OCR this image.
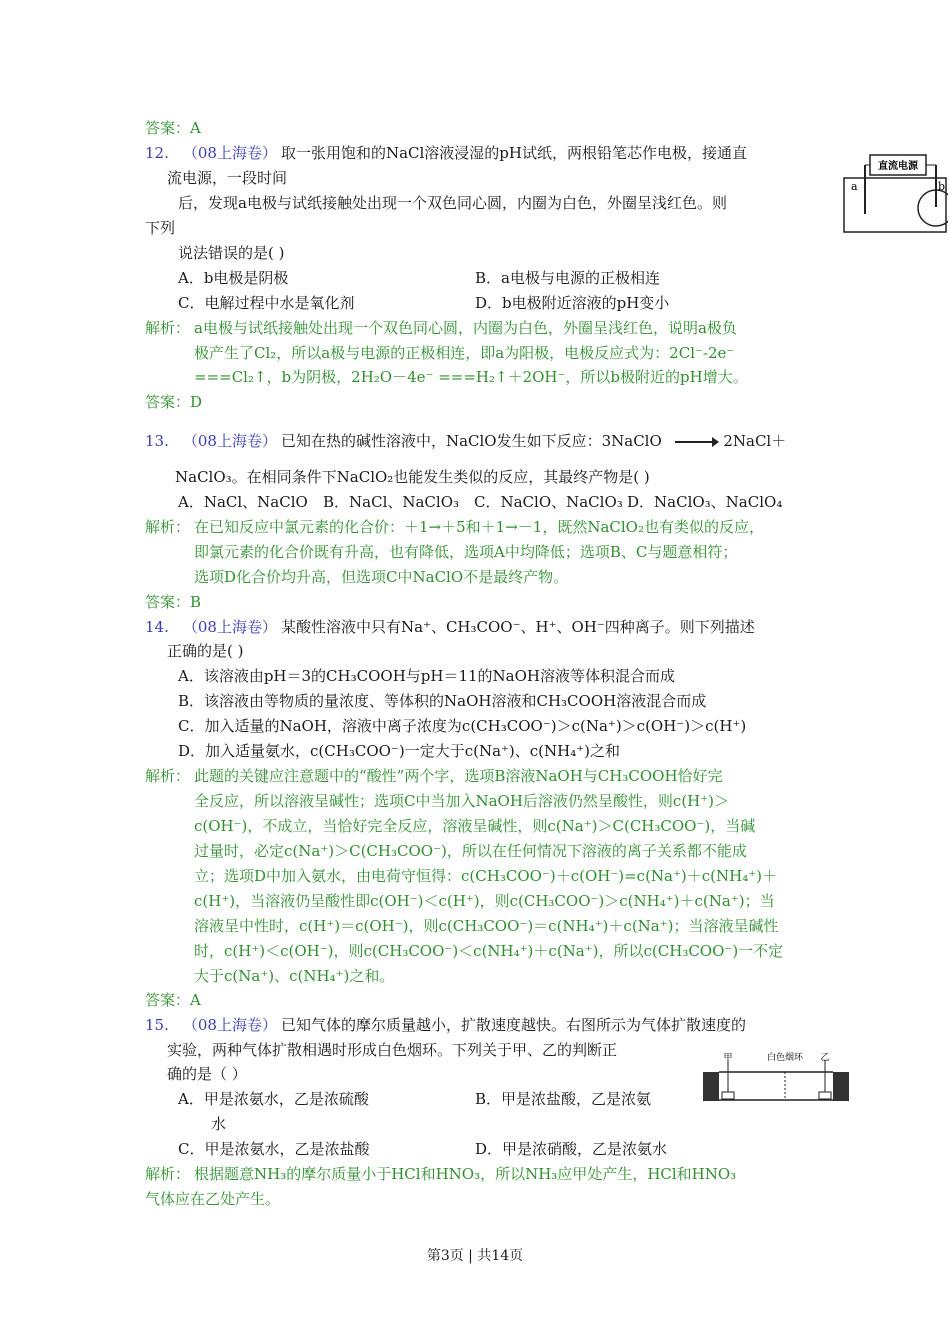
答案：A
12. （08上海卷） 取一张用饱和的NaCl溶液浸湿的pH试纸，两根铅笔芯作电极，接通直
流电源，一段时间
后，发现a电极与试纸接触处出现一个双色同心圆，内圈为白色，外圈呈浅红色。则
下列
说法错误的是( )
A．b电极是阴极	B．a电极与电源的正极相连
C．电解过程中水是氧化剂	D．b电极附近溶液的pH变小
解析： a电极与试纸接触处出现一个双色同心圆，内圈为白色，外圈呈浅红色，说明a极负
极产生了Cl₂，所以a极与电源的正极相连，即a为阳极，电极反应式为：2Cl⁻-2e⁻
===Cl₂↑，b为阴极，2H₂O－4e⁻ ===H₂↑＋2OH⁻，所以b极附近的pH增大。
答案：D
直流电源
a	b
13. （08上海卷） 已知在热的碱性溶液中，NaClO发生如下反应：3NaClO	2NaCl＋
NaClO₃。在相同条件下NaClO₂也能发生类似的反应，其最终产物是( )
A．NaCl、NaClO B．NaCl、NaClO₃ C．NaClO、NaClO₃ D．NaClO₃、NaClO₄
解析： 在已知反应中氯元素的化合价：＋1→＋5和＋1→－1，既然NaClO₂也有类似的反应，
即氯元素的化合价既有升高，也有降低，选项A中均降低；选项B、C与题意相符；
选项D化合价均升高，但选项C中NaClO不是最终产物。
答案：B
14. （08上海卷） 某酸性溶液中只有Na⁺、CH₃COO⁻、H⁺、OH⁻四种离子。则下列描述
正确的是( )
A．该溶液由pH＝3的CH₃COOH与pH＝11的NaOH溶液等体积混合而成
B．该溶液由等物质的量浓度、等体积的NaOH溶液和CH₃COOH溶液混合而成
C．加入适量的NaOH，溶液中离子浓度为c(CH₃COO⁻)＞c(Na⁺)＞c(OH⁻)＞c(H⁺)
D．加入适量氨水，c(CH₃COO⁻)一定大于c(Na⁺)、c(NH₄⁺)之和
解析： 此题的关键应注意题中的“酸性”两个字，选项B溶液NaOH与CH₃COOH恰好完
全反应，所以溶液呈碱性；选项C中当加入NaOH后溶液仍然呈酸性，则c(H⁺)＞
c(OH⁻)，不成立，当恰好完全反应，溶液呈碱性，则c(Na⁺)＞C(CH₃COO⁻)，当碱
过量时，必定c(Na⁺)＞C(CH₃COO⁻)，所以在任何情况下溶液的离子关系都不能成
立；选项D中加入氨水，由电荷守恒得：c(CH₃COO⁻)＋c(OH⁻)=c(Na⁺)＋c(NH₄⁺)＋
c(H⁺)，当溶液仍呈酸性即c(OH⁻)＜c(H⁺)，则c(CH₃COO⁻)＞c(NH₄⁺)＋c(Na⁺)；当
溶液呈中性时，c(H⁺)＝c(OH⁻)，则c(CH₃COO⁻)＝c(NH₄⁺)＋c(Na⁺)；当溶液呈碱性
时，c(H⁺)＜c(OH⁻)，则c(CH₃COO⁻)＜c(NH₄⁺)＋c(Na⁺)，所以c(CH₃COO⁻)一不定
大于c(Na⁺)、c(NH₄⁺)之和。
答案：A
15. （08上海卷） 已知气体的摩尔质量越小，扩散速度越快。右图所示为气体扩散速度的
实验，两种气体扩散相遇时形成白色烟环。下列关于甲、乙的判断正
确的是（ ）
A．甲是浓氨水，乙是浓硫酸	B．甲是浓盐酸，乙是浓氨
水
C．甲是浓氨水，乙是浓盐酸	D．甲是浓硝酸，乙是浓氨水
解析： 根据题意NH₃的摩尔质量小于HCl和HNO₃，所以NH₃应甲处产生，HCl和HNO₃
气体应在乙处产生。
甲	白色烟环 乙
第3页 | 共14页
